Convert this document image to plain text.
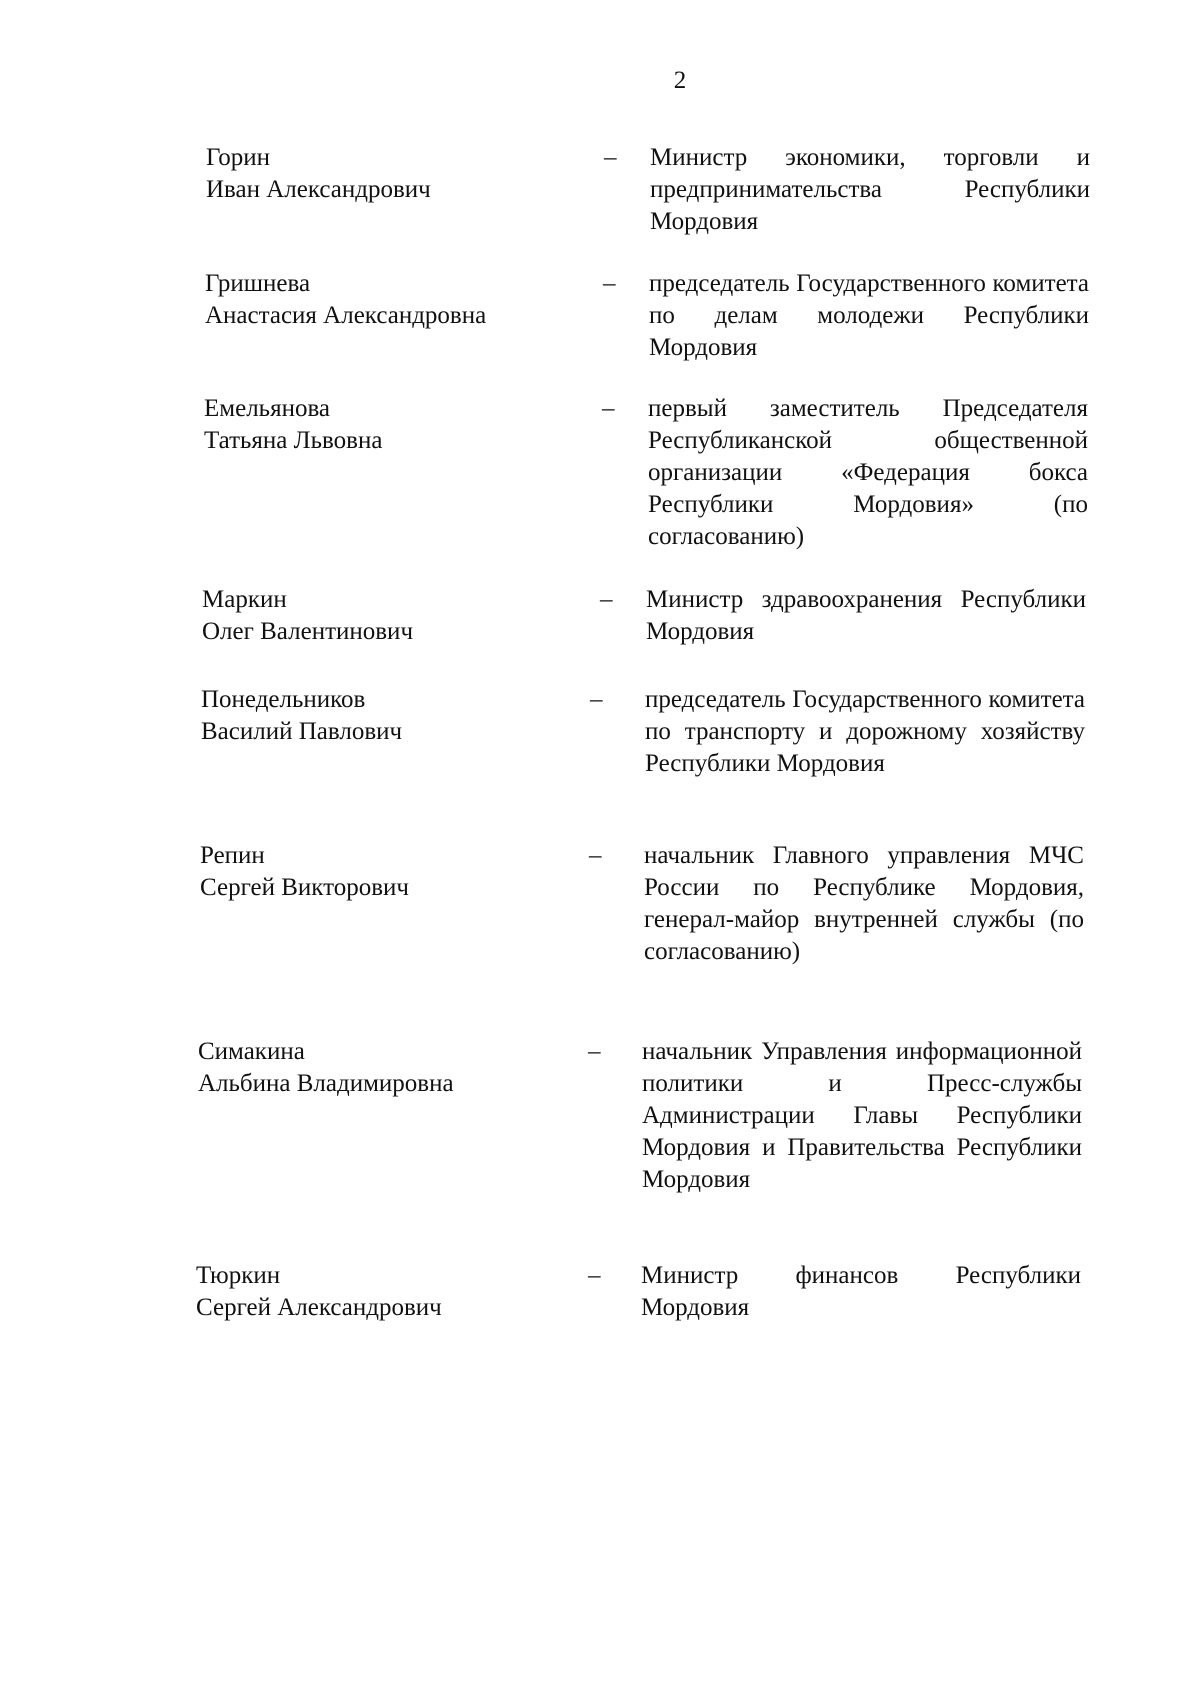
2
Горин
Иван Александрович
– Министр экономики, торговли и предпринимательства Республики Мордовия
Гришнева
Анастасия Александровна
– председатель Государственного комитета по делам молодежи Республики Мордовия
Емельянова
Татьяна Львовна
– первый заместитель Председателя Республиканской общественной организации «Федерация бокса Республики Мордовия» (по согласованию)
Маркин
Олег Валентинович
– Министр здравоохранения Республики Мордовия
Понедельников
Василий Павлович
– председатель Государственного комитета по транспорту и дорожному хозяйству Республики Мордовия
Репин
Сергей Викторович
– начальник Главного управления МЧС России по Республике Мордовия, генерал-майор внутренней службы (по согласованию)
Симакина
Альбина Владимировна
– начальник Управления информационной политики и Пресс-службы Администрации Главы Республики Мордовия и Правительства Республики Мордовия
Тюркин
Сергей Александрович
– Министр финансов Республики Мордовия
